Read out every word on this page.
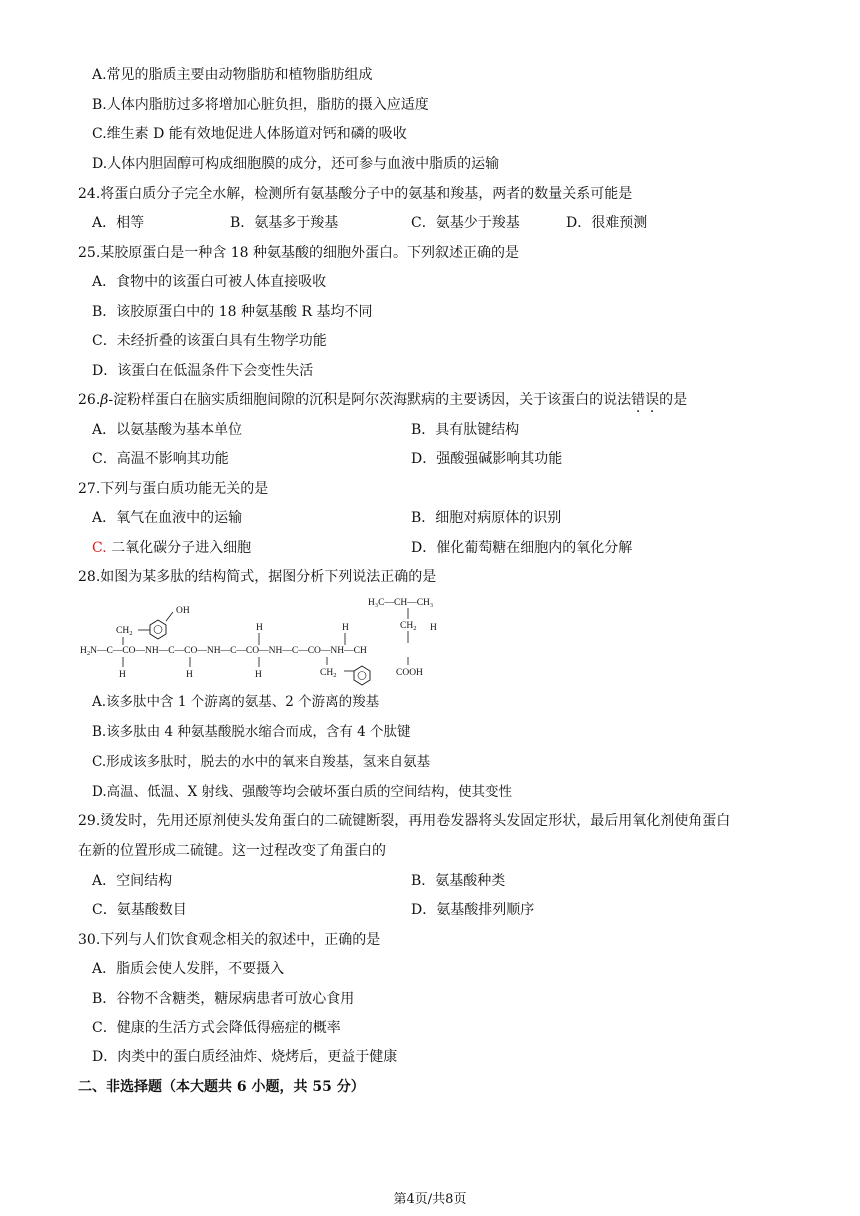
A.常见的脂质主要由动物脂肪和植物脂肪组成
B.人体内脂肪过多将增加心脏负担，脂肪的摄入应适度
C.维生素 D 能有效地促进人体肠道对钙和磷的吸收
D.人体内胆固醇可构成细胞膜的成分，还可参与血液中脂质的运输
24.将蛋白质分子完全水解，检测所有氨基酸分子中的氨基和羧基，两者的数量关系可能是
A．相等	B．氨基多于羧基	C．氨基少于羧基	D．很难预测
25.某胶原蛋白是一种含 18 种氨基酸的细胞外蛋白。下列叙述正确的是
A．食物中的该蛋白可被人体直接吸收
B．该胶原蛋白中的 18 种氨基酸 R 基均不同
C．未经折叠的该蛋白具有生物学功能
D．该蛋白在低温条件下会变性失活
26.β-淀粉样蛋白在脑实质细胞间隙的沉积是阿尔茨海默病的主要诱因，关于该蛋白的说法错误的是
A．以氨基酸为基本单位	B．具有肽键结构
C．高温不影响其功能	D．强酸强碱影响其功能
27.下列与蛋白质功能无关的是
A．氧气在血液中的运输	B．细胞对病原体的识别
C. 二氧化碳分子进入细胞	D．催化葡萄糖在细胞内的氧化分解
28.如图为某多肽的结构简式，据图分析下列说法正确的是
H₃C—CH—CH₃
$CH_2$
OH
$CH_2$
H	H	H
$H_2N—C—CO—NH—C—CO—NH—C—CO—NH—C—CO—NH—CH$
H	H
H	$CH_2$	COOH
A.该多肽中含 1 个游离的氨基、2 个游离的羧基
B.该多肽由 4 种氨基酸脱水缩合而成，含有 4 个肽键
C.形成该多肽时，脱去的水中的氧来自羧基，氢来自氨基
D.高温、低温、X 射线、强酸等均会破坏蛋白质的空间结构，使其变性
29.烫发时，先用还原剂使头发角蛋白的二硫键断裂，再用卷发器将头发固定形状，最后用氧化剂使角蛋白
在新的位置形成二硫键。这一过程改变了角蛋白的
A．空间结构	B．氨基酸种类
C．氨基酸数目	D．氨基酸排列顺序
30.下列与人们饮食观念相关的叙述中，正确的是
A．脂质会使人发胖，不要摄入
B．谷物不含糖类，糖尿病患者可放心食用
C．健康的生活方式会降低得癌症的概率
D．肉类中的蛋白质经油炸、烧烤后，更益于健康
二、非选择题（本大题共 6 小题，共 55 分）
第4页/共8页
